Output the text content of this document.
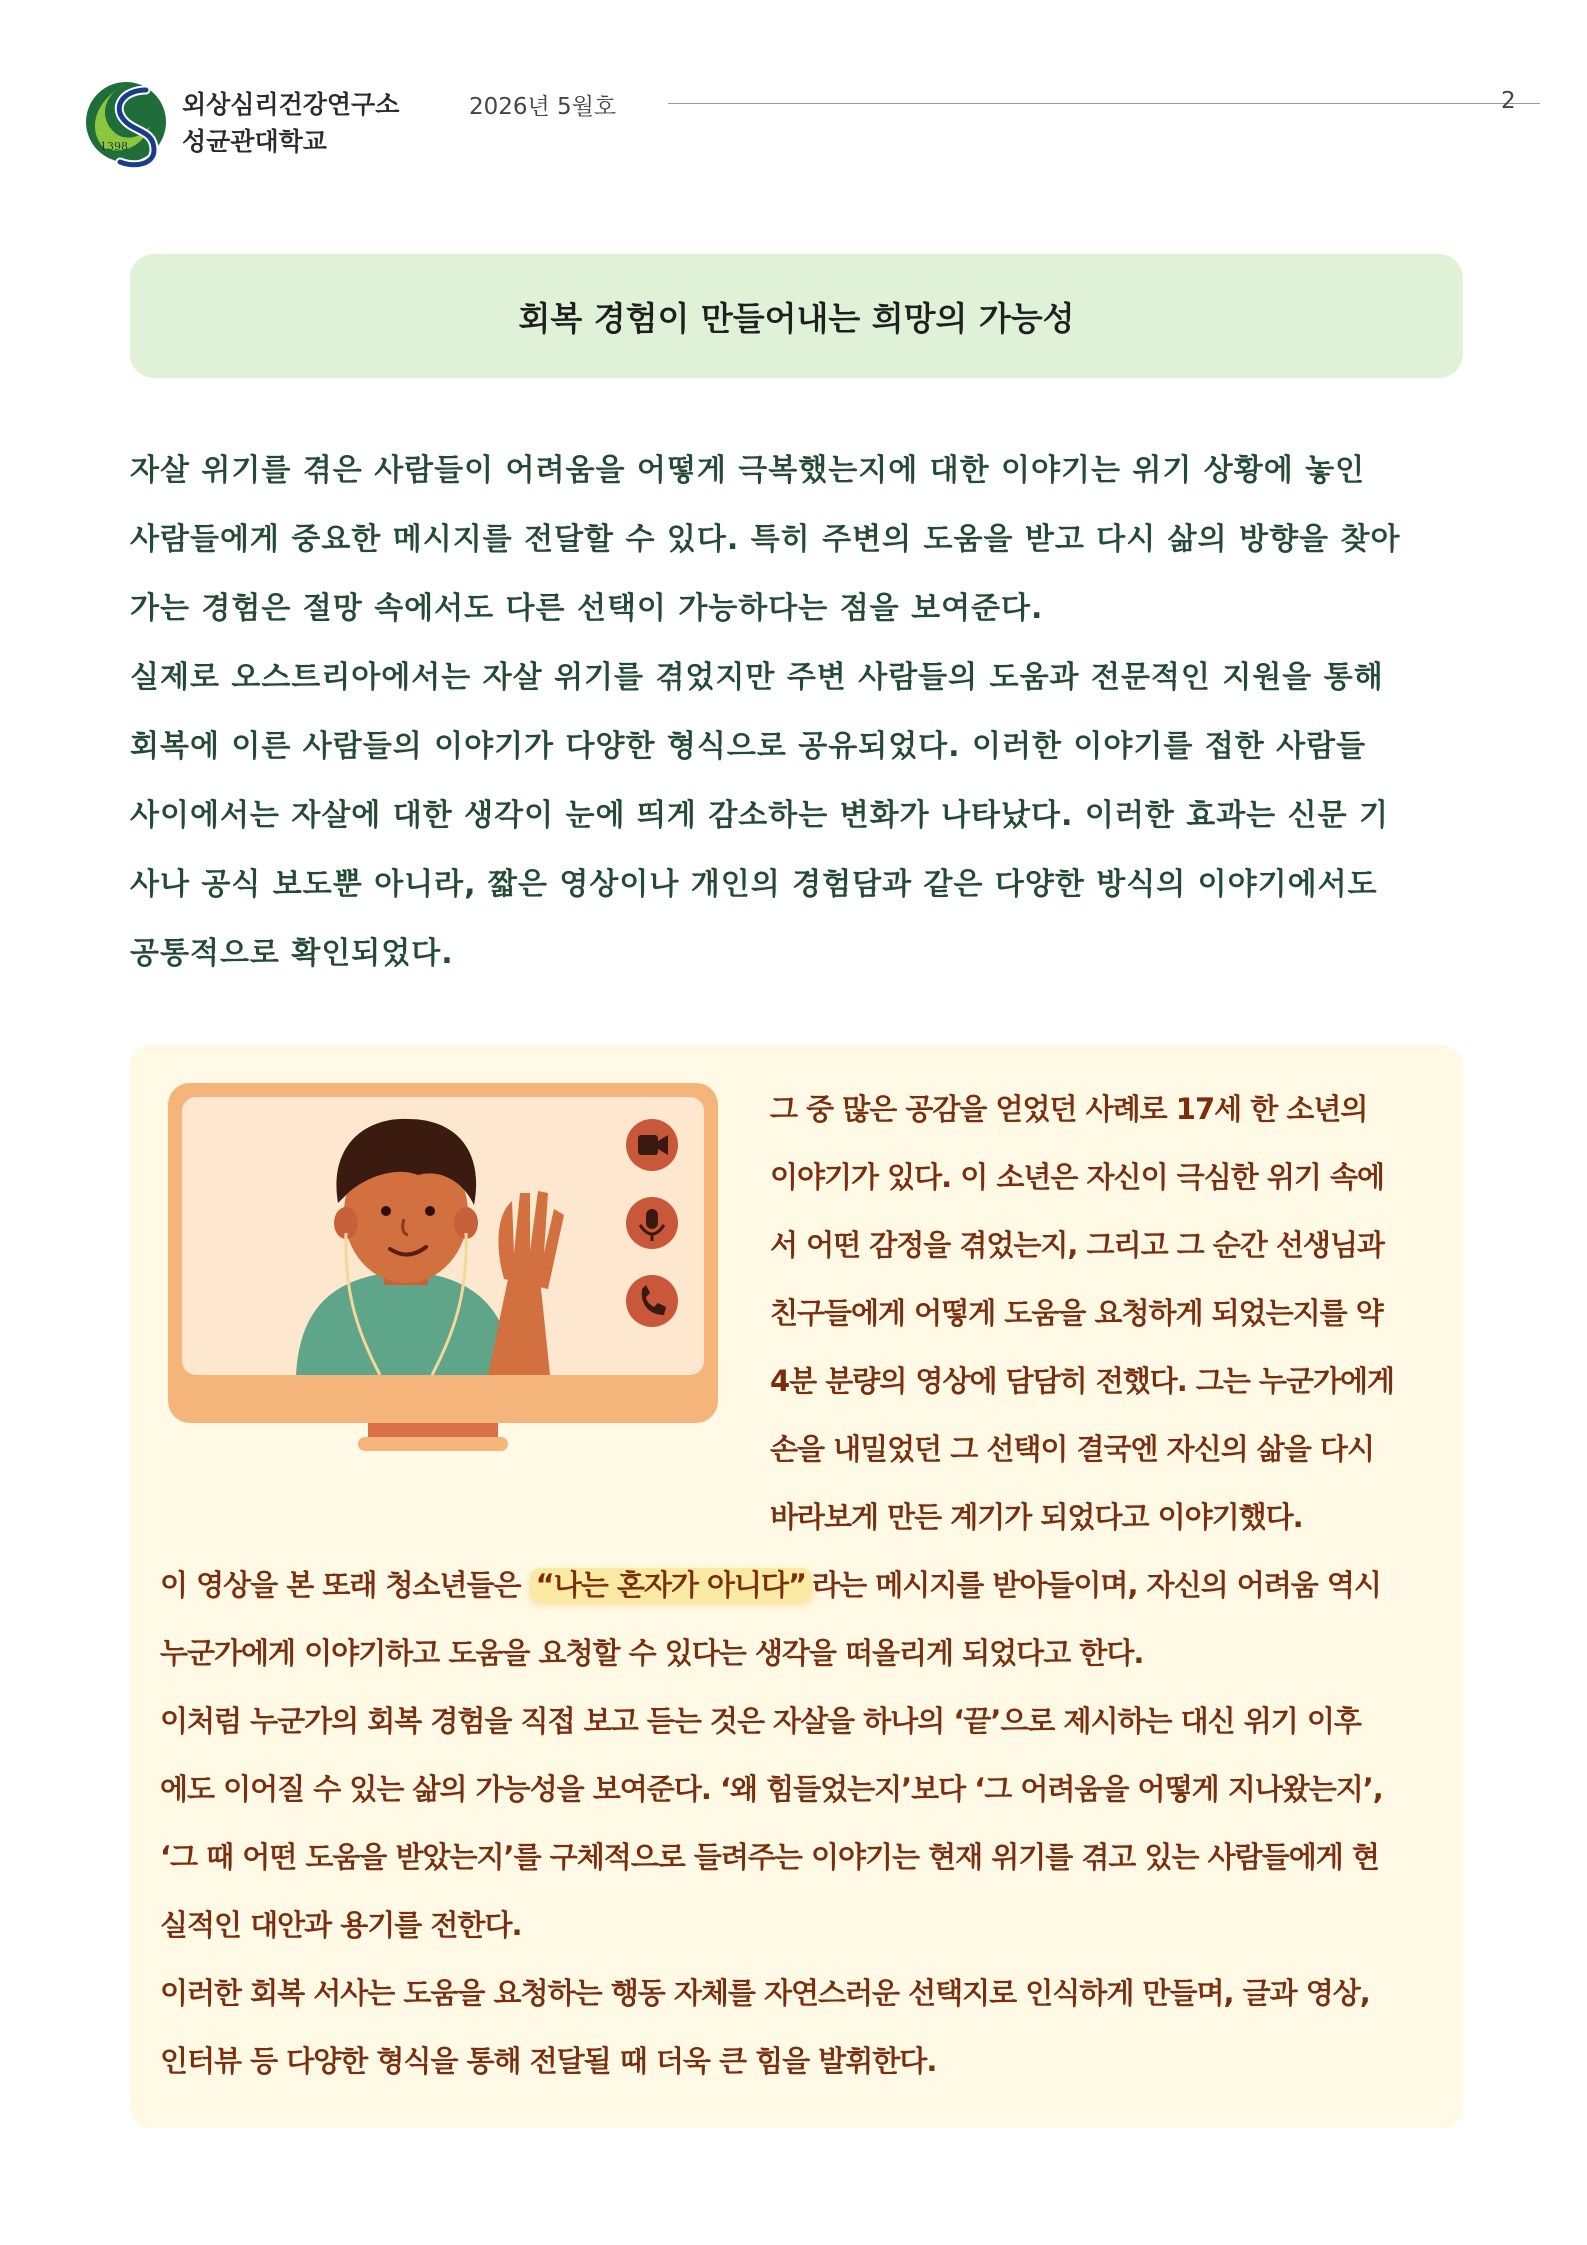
1398
외상심리건강연구소
성균관대학교
2026년 5월호	2
회복 경험이 만들어내는 희망의 가능성

자살 위기를 겪은 사람들이 어려움을 어떻게 극복했는지에 대한 이야기는 위기 상황에 놓인

사람들에게 중요한 메시지를 전달할 수 있다. 특히 주변의 도움을 받고 다시 삶의 방향을 찾아

가는 경험은 절망 속에서도 다른 선택이 가능하다는 점을 보여준다.

실제로 오스트리아에서는 자살 위기를 겪었지만 주변 사람들의 도움과 전문적인 지원을 통해

회복에 이른 사람들의 이야기가 다양한 형식으로 공유되었다. 이러한 이야기를 접한 사람들

사이에서는 자살에 대한 생각이 눈에 띄게 감소하는 변화가 나타났다. 이러한 효과는 신문 기

사나 공식 보도뿐 아니라, 짧은 영상이나 개인의 경험담과 같은 다양한 방식의 이야기에서도

공통적으로 확인되었다.

그 중 많은 공감을 얻었던 사례로 17세 한 소년의

이야기가 있다. 이 소년은 자신이 극심한 위기 속에

서 어떤 감정을 겪었는지, 그리고 그 순간 선생님과

친구들에게 어떻게 도움을 요청하게 되었는지를 약

4분 분량의 영상에 담담히 전했다. 그는 누군가에게

손을 내밀었던 그 선택이 결국엔 자신의 삶을 다시

바라보게 만든 계기가 되었다고 이야기했다.

이 영상을 본 또래 청소년들은 “나는 혼자가 아니다” 라는 메시지를 받아들이며, 자신의 어려움 역시

누군가에게 이야기하고 도움을 요청할 수 있다는 생각을 떠올리게 되었다고 한다.

이처럼 누군가의 회복 경험을 직접 보고 듣는 것은 자살을 하나의 ‘끝’으로 제시하는 대신 위기 이후

에도 이어질 수 있는 삶의 가능성을 보여준다. ‘왜 힘들었는지’보다 ‘그 어려움을 어떻게 지나왔는지’,

‘그 때 어떤 도움을 받았는지’를 구체적으로 들려주는 이야기는 현재 위기를 겪고 있는 사람들에게 현

실적인 대안과 용기를 전한다.

이러한 회복 서사는 도움을 요청하는 행동 자체를 자연스러운 선택지로 인식하게 만들며, 글과 영상,

인터뷰 등 다양한 형식을 통해 전달될 때 더욱 큰 힘을 발휘한다.
